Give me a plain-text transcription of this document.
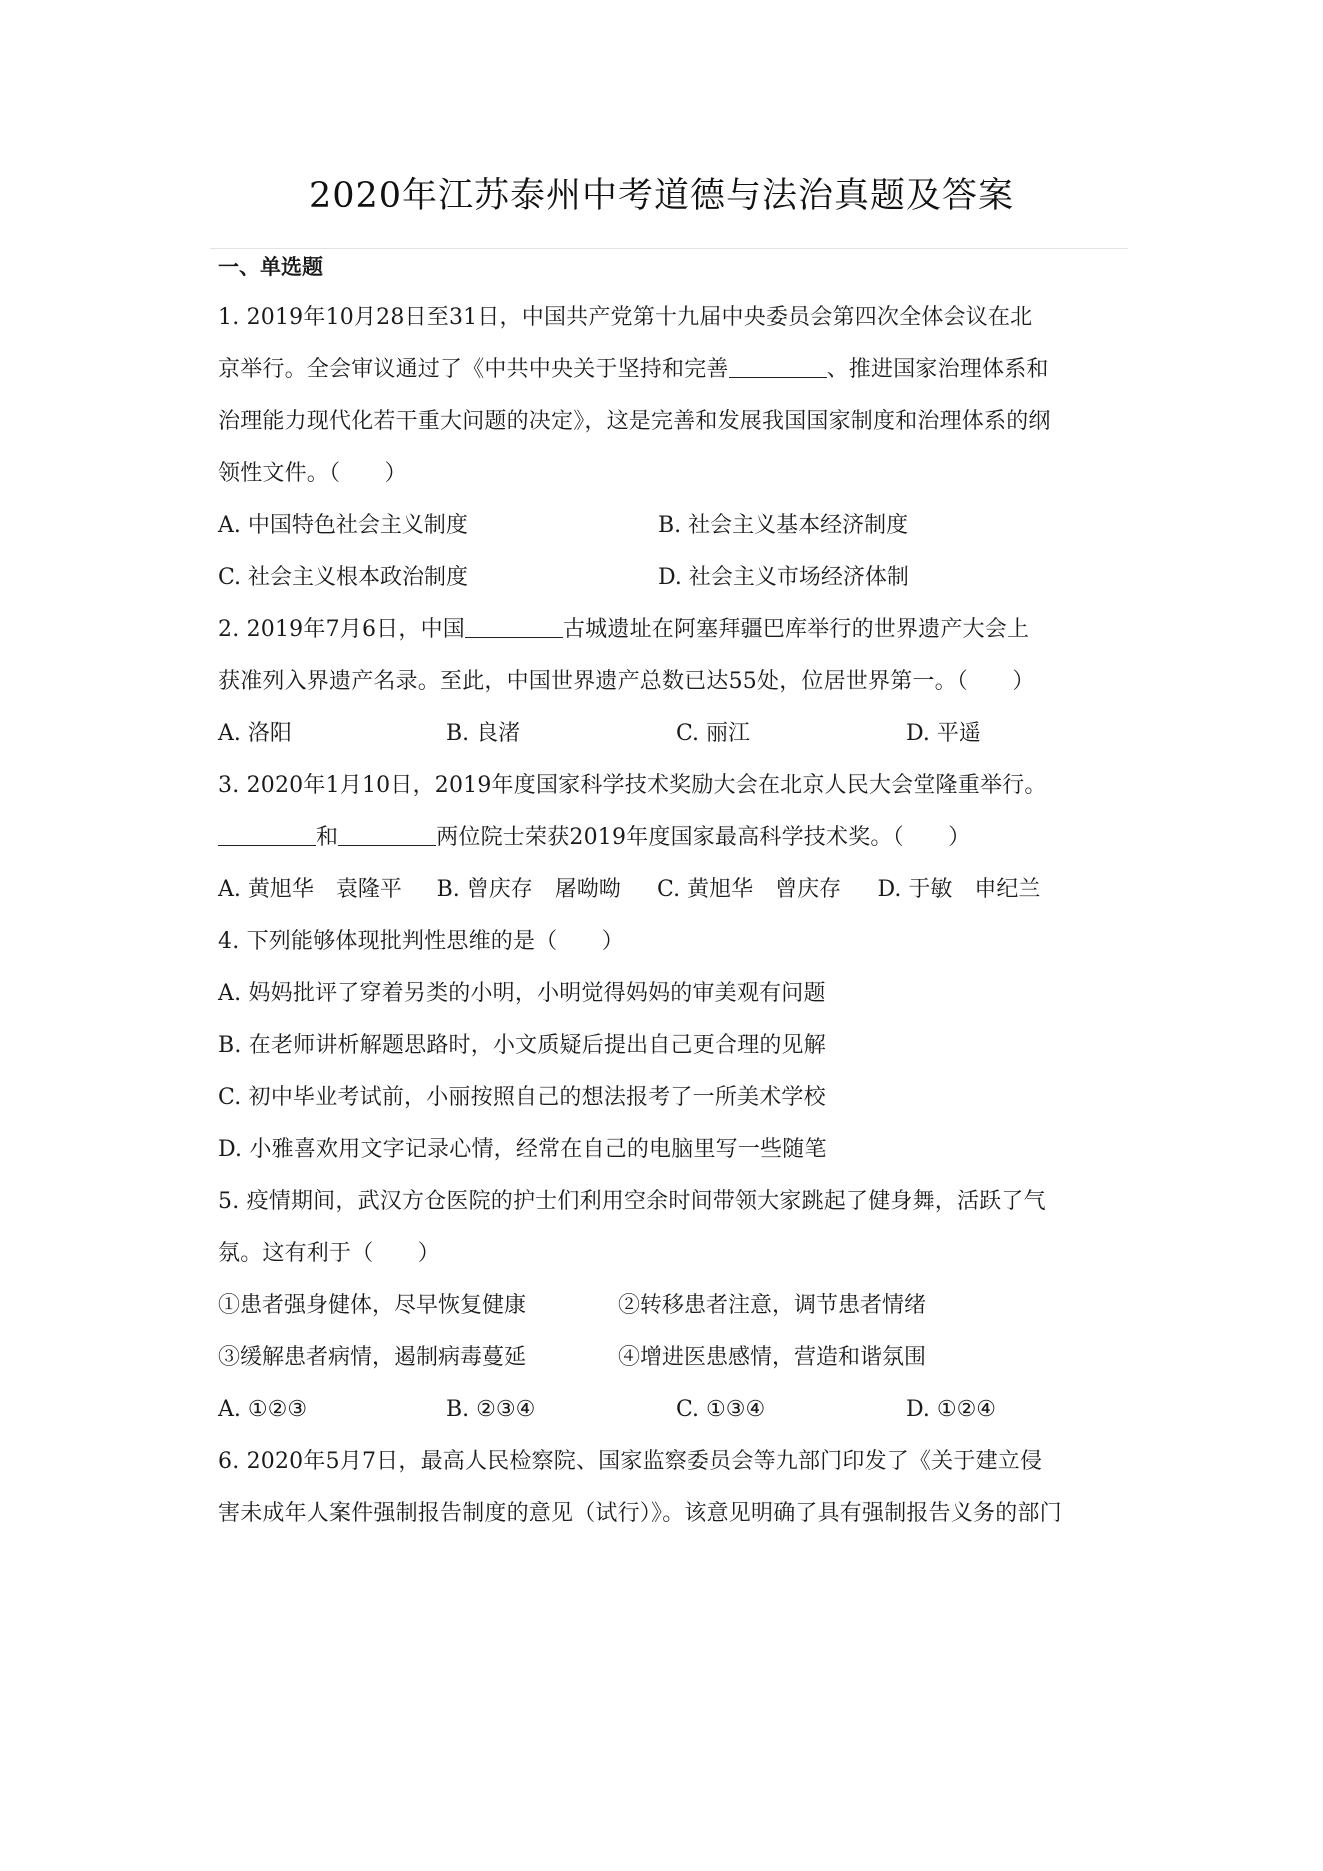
2020年江苏泰州中考道德与法治真题及答案
一、单选题
1. 2019年10月28日至31日，中国共产党第十九届中央委员会第四次全体会议在北
京举行。全会审议通过了《中共中央关于坚持和完善	、推进国家治理体系和
治理能力现代化若干重大问题的决定》，这是完善和发展我国国家制度和治理体系的纲
领性文件。（　　）
A. 中国特色社会主义制度	B. 社会主义基本经济制度
C. 社会主义根本政治制度	D. 社会主义市场经济体制
2. 2019年7月6日，中国	古城遗址在阿塞拜疆巴库举行的世界遗产大会上
获准列入界遗产名录。至此，中国世界遗产总数已达55处，位居世界第一。（　　）
A. 洛阳	B. 良渚	C. 丽江	D. 平遥
3. 2020年1月10日，2019年度国家科学技术奖励大会在北京人民大会堂隆重举行。
和	两位院士荣获2019年度国家最高科学技术奖。（　　）
A. 黄旭华　袁隆平	B. 曾庆存　屠呦呦	C. 黄旭华　曾庆存	D. 于敏　申纪兰
4. 下列能够体现批判性思维的是（　　）
A. 妈妈批评了穿着另类的小明，小明觉得妈妈的审美观有问题
B. 在老师讲析解题思路时，小文质疑后提出自己更合理的见解
C. 初中毕业考试前，小丽按照自己的想法报考了一所美术学校
D. 小雅喜欢用文字记录心情，经常在自己的电脑里写一些随笔
5. 疫情期间，武汉方仓医院的护士们利用空余时间带领大家跳起了健身舞，活跃了气
氛。这有利于（　　）
①患者强身健体，尽早恢复健康	②转移患者注意，调节患者情绪
③缓解患者病情，遏制病毒蔓延	④增进医患感情，营造和谐氛围
A. ①②③	B. ②③④	C. ①③④	D. ①②④
6. 2020年5月7日，最高人民检察院、国家监察委员会等九部门印发了《关于建立侵
害未成年人案件强制报告制度的意见（试行）》。该意见明确了具有强制报告义务的部门
